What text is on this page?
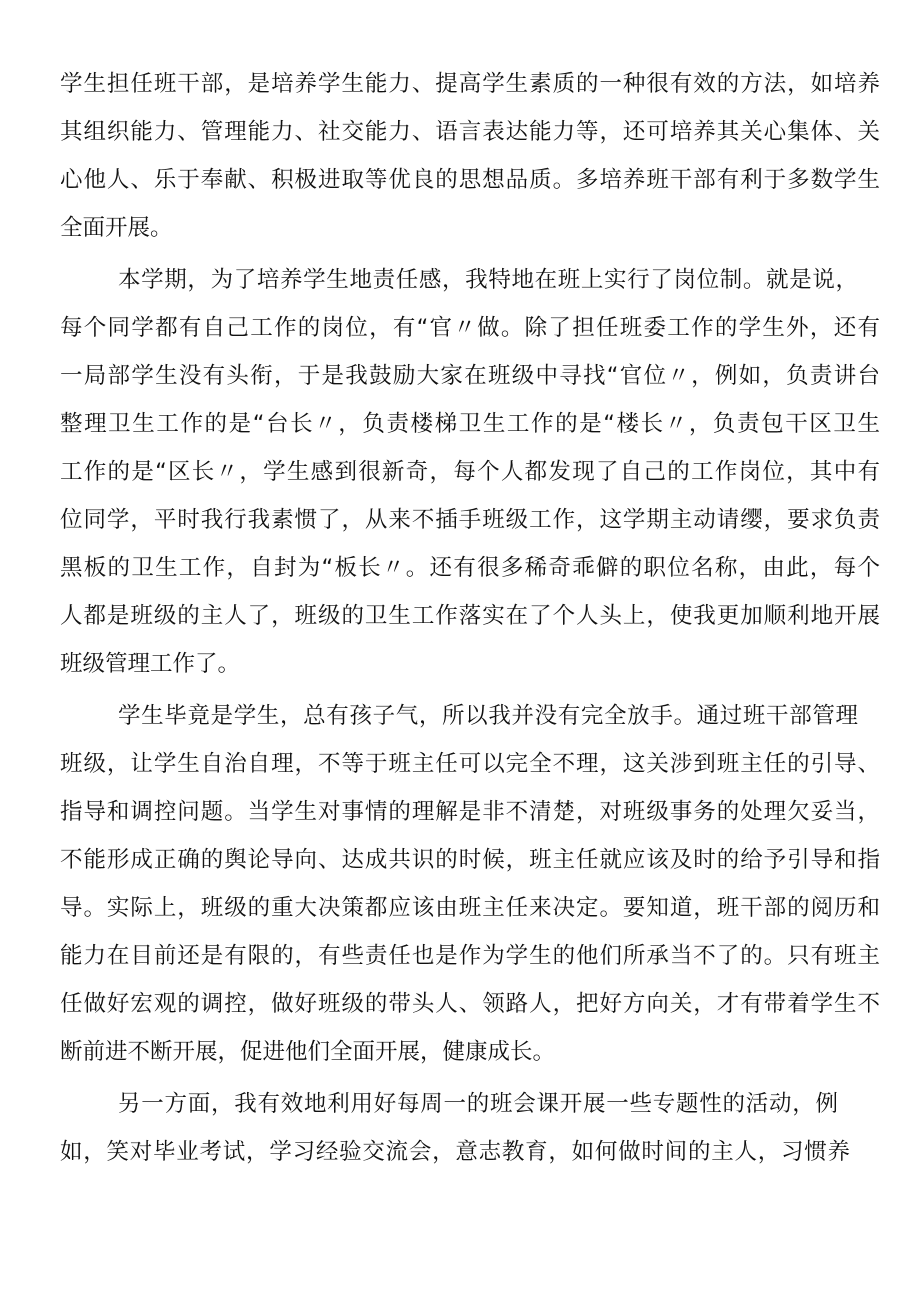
学生担任班干部，是培养学生能力、提高学生素质的一种很有效的方法，如培养
其组织能力、管理能力、社交能力、语言表达能力等，还可培养其关心集体、关
心他人、乐于奉献、积极进取等优良的思想品质。多培养班干部有利于多数学生
全面开展。
本学期，为了培养学生地责任感，我特地在班上实行了岗位制。就是说，
每个同学都有自己工作的岗位，有“官〃做。除了担任班委工作的学生外，还有
一局部学生没有头衔，于是我鼓励大家在班级中寻找“官位〃，例如，负责讲台
整理卫生工作的是“台长〃，负责楼梯卫生工作的是“楼长〃，负责包干区卫生
工作的是“区长〃，学生感到很新奇，每个人都发现了自己的工作岗位，其中有
位同学，平时我行我素惯了，从来不插手班级工作，这学期主动请缨，要求负责
黑板的卫生工作，自封为“板长〃。还有很多稀奇乖僻的职位名称，由此，每个
人都是班级的主人了，班级的卫生工作落实在了个人头上，使我更加顺利地开展
班级管理工作了。
学生毕竟是学生，总有孩子气，所以我并没有完全放手。通过班干部管理
班级，让学生自治自理，不等于班主任可以完全不理，这关涉到班主任的引导、
指导和调控问题。当学生对事情的理解是非不清楚，对班级事务的处理欠妥当，
不能形成正确的舆论导向、达成共识的时候，班主任就应该及时的给予引导和指
导。实际上，班级的重大决策都应该由班主任来决定。要知道，班干部的阅历和
能力在目前还是有限的，有些责任也是作为学生的他们所承当不了的。只有班主
任做好宏观的调控，做好班级的带头人、领路人，把好方向关，才有带着学生不
断前进不断开展，促进他们全面开展，健康成长。
另一方面，我有效地利用好每周一的班会课开展一些专题性的活动，例
如，笑对毕业考试，学习经验交流会，意志教育，如何做时间的主人，习惯养
